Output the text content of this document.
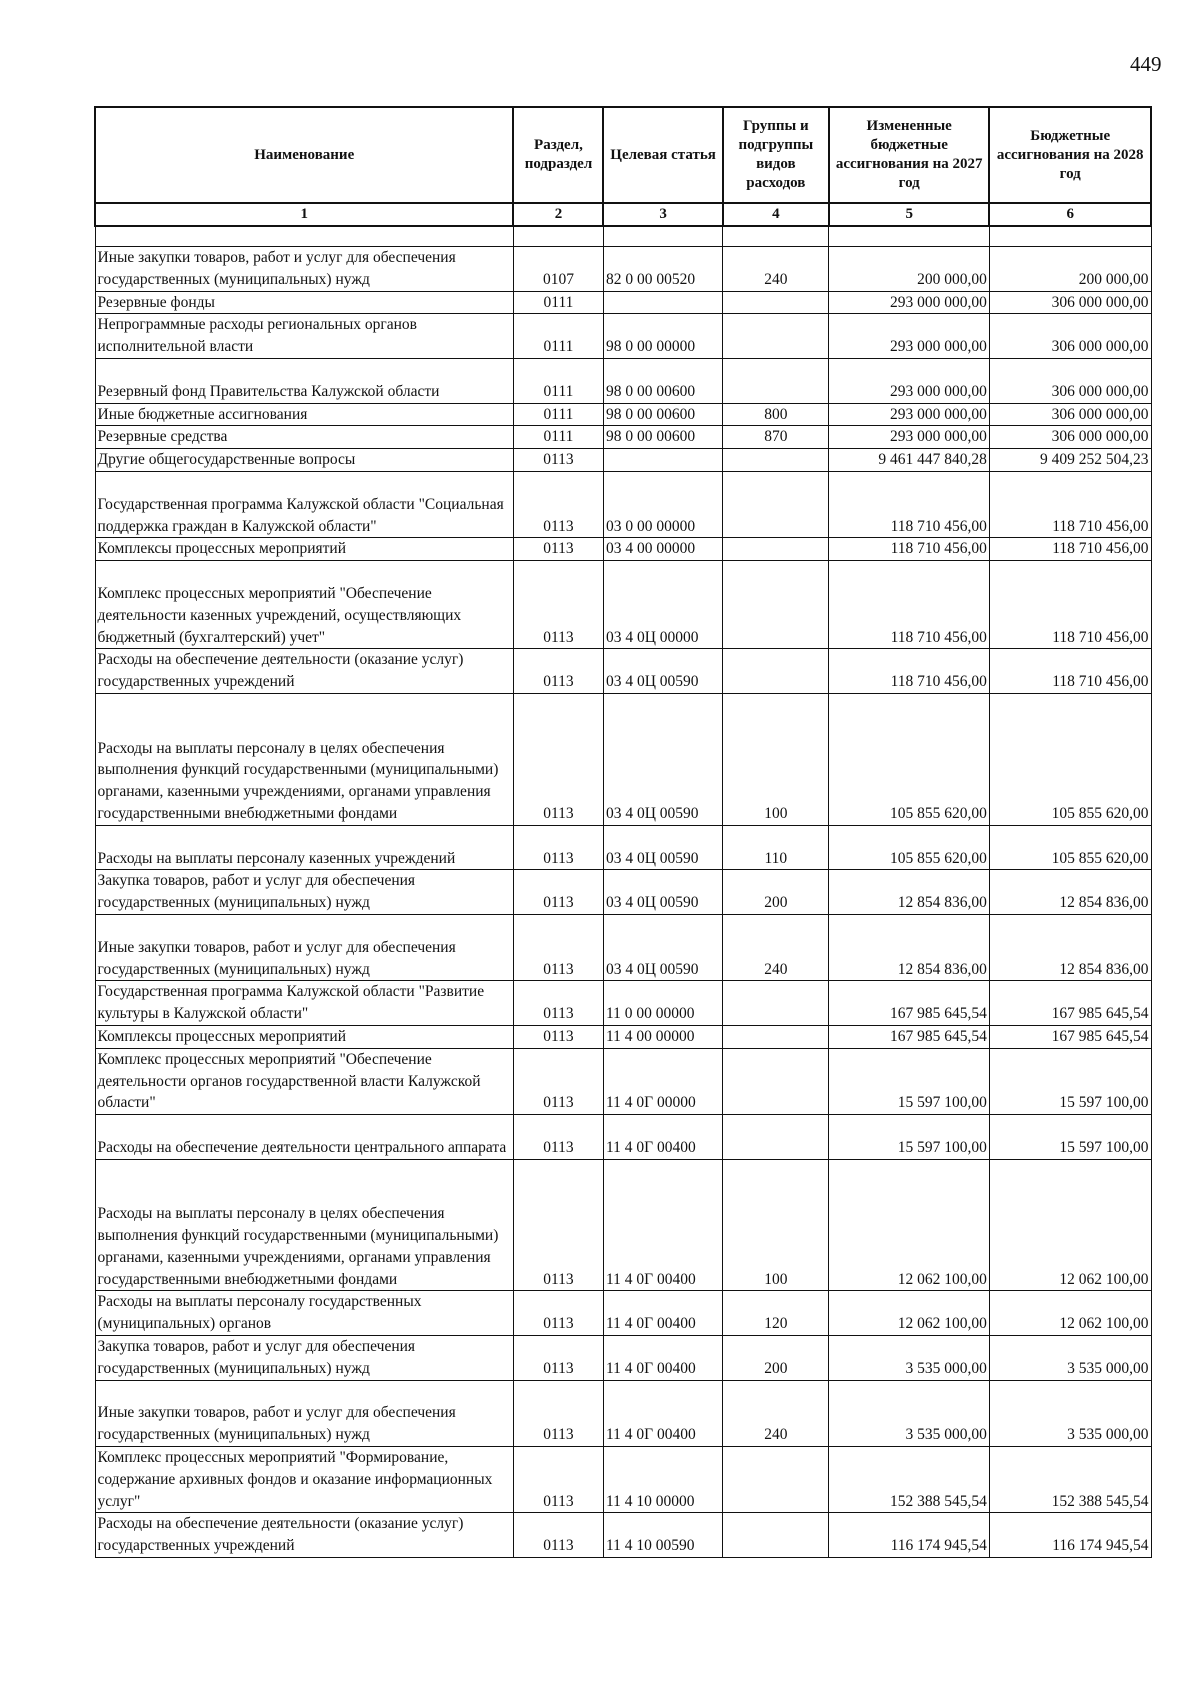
449
Наименование	Раздел, подраздел	Целевая статья	Группы и подгруппы видов расходов	Измененные бюджетные ассигнования на 2027 год	Бюджетные ассигнования на 2028 год
1	2	3	4	5	6

Иные закупки товаров, работ и услуг для обеспечения государственных (муниципальных) нужд	0107	82 0 00 00520	240	200 000,00	200 000,00
Резервные фонды	0111			293 000 000,00	306 000 000,00
Непрограммные расходы региональных органов исполнительной власти	0111	98 0 00 00000		293 000 000,00	306 000 000,00
Резервный фонд Правительства Калужской области	0111	98 0 00 00600		293 000 000,00	306 000 000,00
Иные бюджетные ассигнования	0111	98 0 00 00600	800	293 000 000,00	306 000 000,00
Резервные средства	0111	98 0 00 00600	870	293 000 000,00	306 000 000,00
Другие общегосударственные вопросы	0113			9 461 447 840,28	9 409 252 504,23
Государственная программа Калужской области "Социальная поддержка граждан в Калужской области"	0113	03 0 00 00000		118 710 456,00	118 710 456,00
Комплексы процессных мероприятий	0113	03 4 00 00000		118 710 456,00	118 710 456,00
Комплекс процессных мероприятий "Обеспечение деятельности казенных учреждений, осуществляющих бюджетный (бухгалтерский) учет"	0113	03 4 0Ц 00000		118 710 456,00	118 710 456,00
Расходы на обеспечение деятельности (оказание услуг) государственных учреждений	0113	03 4 0Ц 00590		118 710 456,00	118 710 456,00
Расходы на выплаты персоналу в целях обеспечения выполнения функций государственными (муниципальными) органами, казенными учреждениями, органами управления государственными внебюджетными фондами	0113	03 4 0Ц 00590	100	105 855 620,00	105 855 620,00
Расходы на выплаты персоналу казенных учреждений	0113	03 4 0Ц 00590	110	105 855 620,00	105 855 620,00
Закупка товаров, работ и услуг для обеспечения государственных (муниципальных) нужд	0113	03 4 0Ц 00590	200	12 854 836,00	12 854 836,00
Иные закупки товаров, работ и услуг для обеспечения государственных (муниципальных) нужд	0113	03 4 0Ц 00590	240	12 854 836,00	12 854 836,00
Государственная программа Калужской области "Развитие культуры в Калужской области"	0113	11 0 00 00000		167 985 645,54	167 985 645,54
Комплексы процессных мероприятий	0113	11 4 00 00000		167 985 645,54	167 985 645,54
Комплекс процессных мероприятий "Обеспечение деятельности органов государственной власти Калужской области"	0113	11 4 0Г 00000		15 597 100,00	15 597 100,00
Расходы на обеспечение деятельности центрального аппарата	0113	11 4 0Г 00400		15 597 100,00	15 597 100,00
Расходы на выплаты персоналу в целях обеспечения выполнения функций государственными (муниципальными) органами, казенными учреждениями, органами управления государственными внебюджетными фондами	0113	11 4 0Г 00400	100	12 062 100,00	12 062 100,00
Расходы на выплаты персоналу государственных (муниципальных) органов	0113	11 4 0Г 00400	120	12 062 100,00	12 062 100,00
Закупка товаров, работ и услуг для обеспечения государственных (муниципальных) нужд	0113	11 4 0Г 00400	200	3 535 000,00	3 535 000,00
Иные закупки товаров, работ и услуг для обеспечения государственных (муниципальных) нужд	0113	11 4 0Г 00400	240	3 535 000,00	3 535 000,00
Комплекс процессных мероприятий "Формирование, содержание архивных фондов и оказание информационных услуг"	0113	11 4 10 00000		152 388 545,54	152 388 545,54
Расходы на обеспечение деятельности (оказание услуг) государственных учреждений	0113	11 4 10 00590		116 174 945,54	116 174 945,54
